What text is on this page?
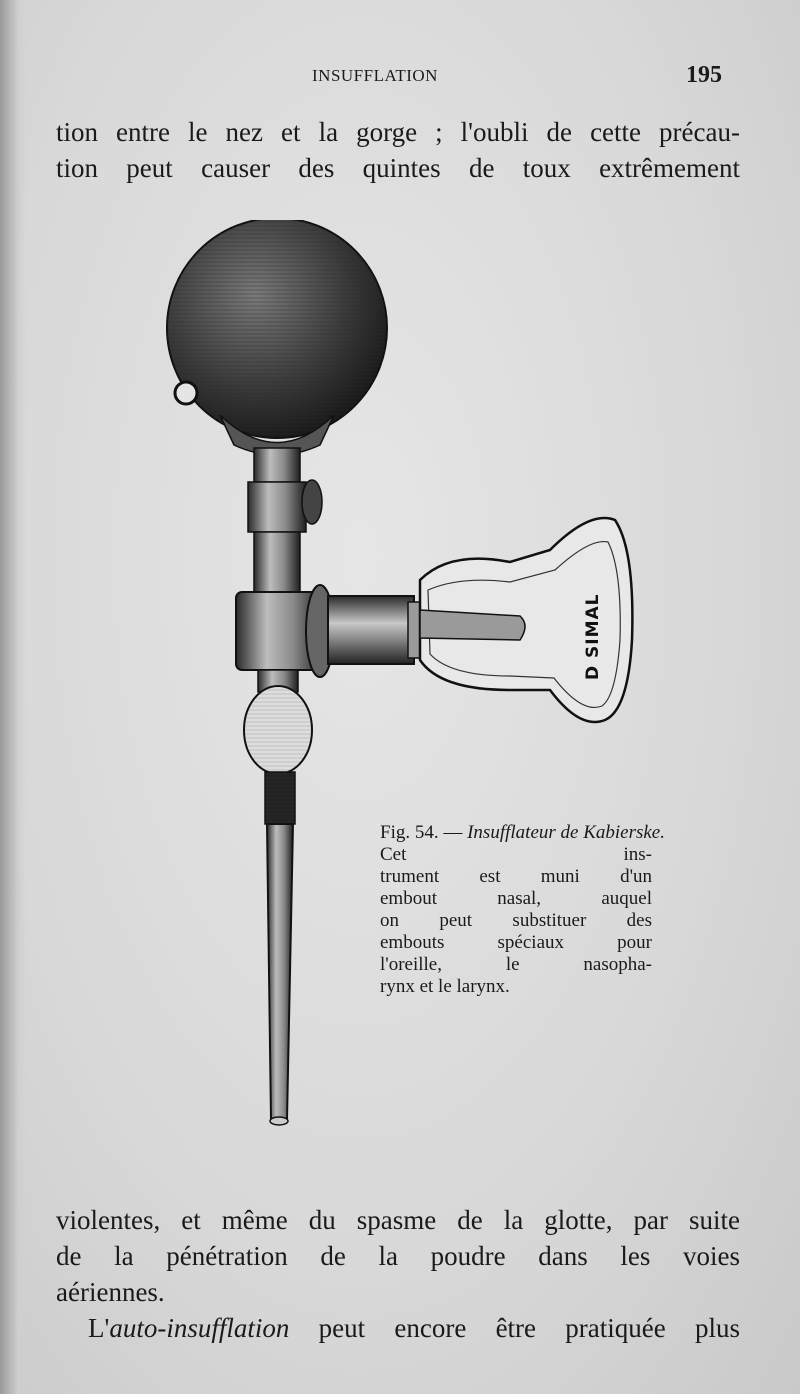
INSUFFLATION	195
tion entre le nez et la gorge ; l'oubli de cette précau-
tion peut causer des quintes de toux extrêmement
D SIMAL
Fig. 54. — Insufflateur de Kabierske.
Cet ins-
trument est muni d'un
embout nasal, auquel
on peut substituer des
embouts spéciaux pour
l'oreille, le nasopha-
rynx et le larynx.
violentes, et même du spasme de la glotte, par suite
de la pénétration de la poudre dans les voies
aériennes.
L'auto-insufflation peut encore être pratiquée plus
